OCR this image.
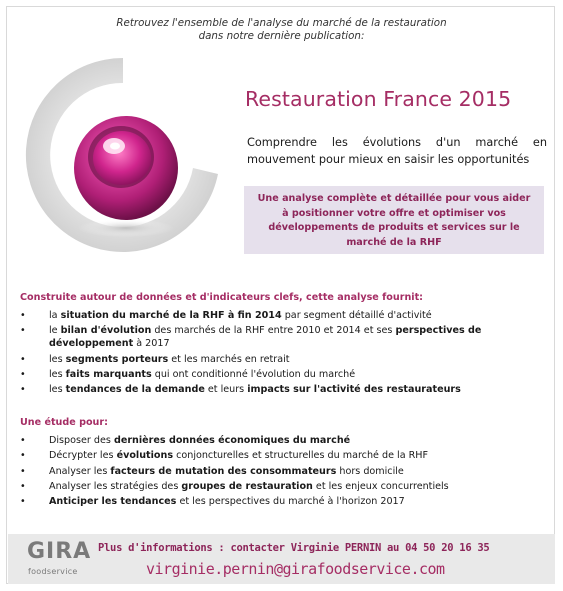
Retrouvez l'ensemble de l'analyse du marché de la restauration
dans notre dernière publication:
Restauration France 2015
Comprendre les évolutions d'un marché en mouvement pour mieux en saisir les opportunités
Une analyse complète et détaillée pour vous aider à positionner votre offre et optimiser vos développements de produits et services sur le marché de la RHF
Construite autour de données et d'indicateurs clefs, cette analyse fournit:
• la situation du marché de la RHF à fin 2014 par segment détaillé d'activité
• le bilan d'évolution des marchés de la RHF entre 2010 et 2014 et ses perspectives de développement à 2017
• les segments porteurs et les marchés en retrait
• les faits marquants qui ont conditionné l'évolution du marché
• les tendances de la demande et leurs impacts sur l'activité des restaurateurs
Une étude pour:
• Disposer des dernières données économiques du marché
• Décrypter les évolutions conjoncturelles et structurelles du marché de la RHF
• Analyser les facteurs de mutation des consommateurs hors domicile
• Analyser les stratégies des groupes de restauration et les enjeux concurrentiels
• Anticiper les tendances et les perspectives du marché à l'horizon 2017
GIRA
foodservice
Plus d'informations : contacter Virginie PERNIN au 04 50 20 16 35
virginie.pernin@girafoodservice.com
